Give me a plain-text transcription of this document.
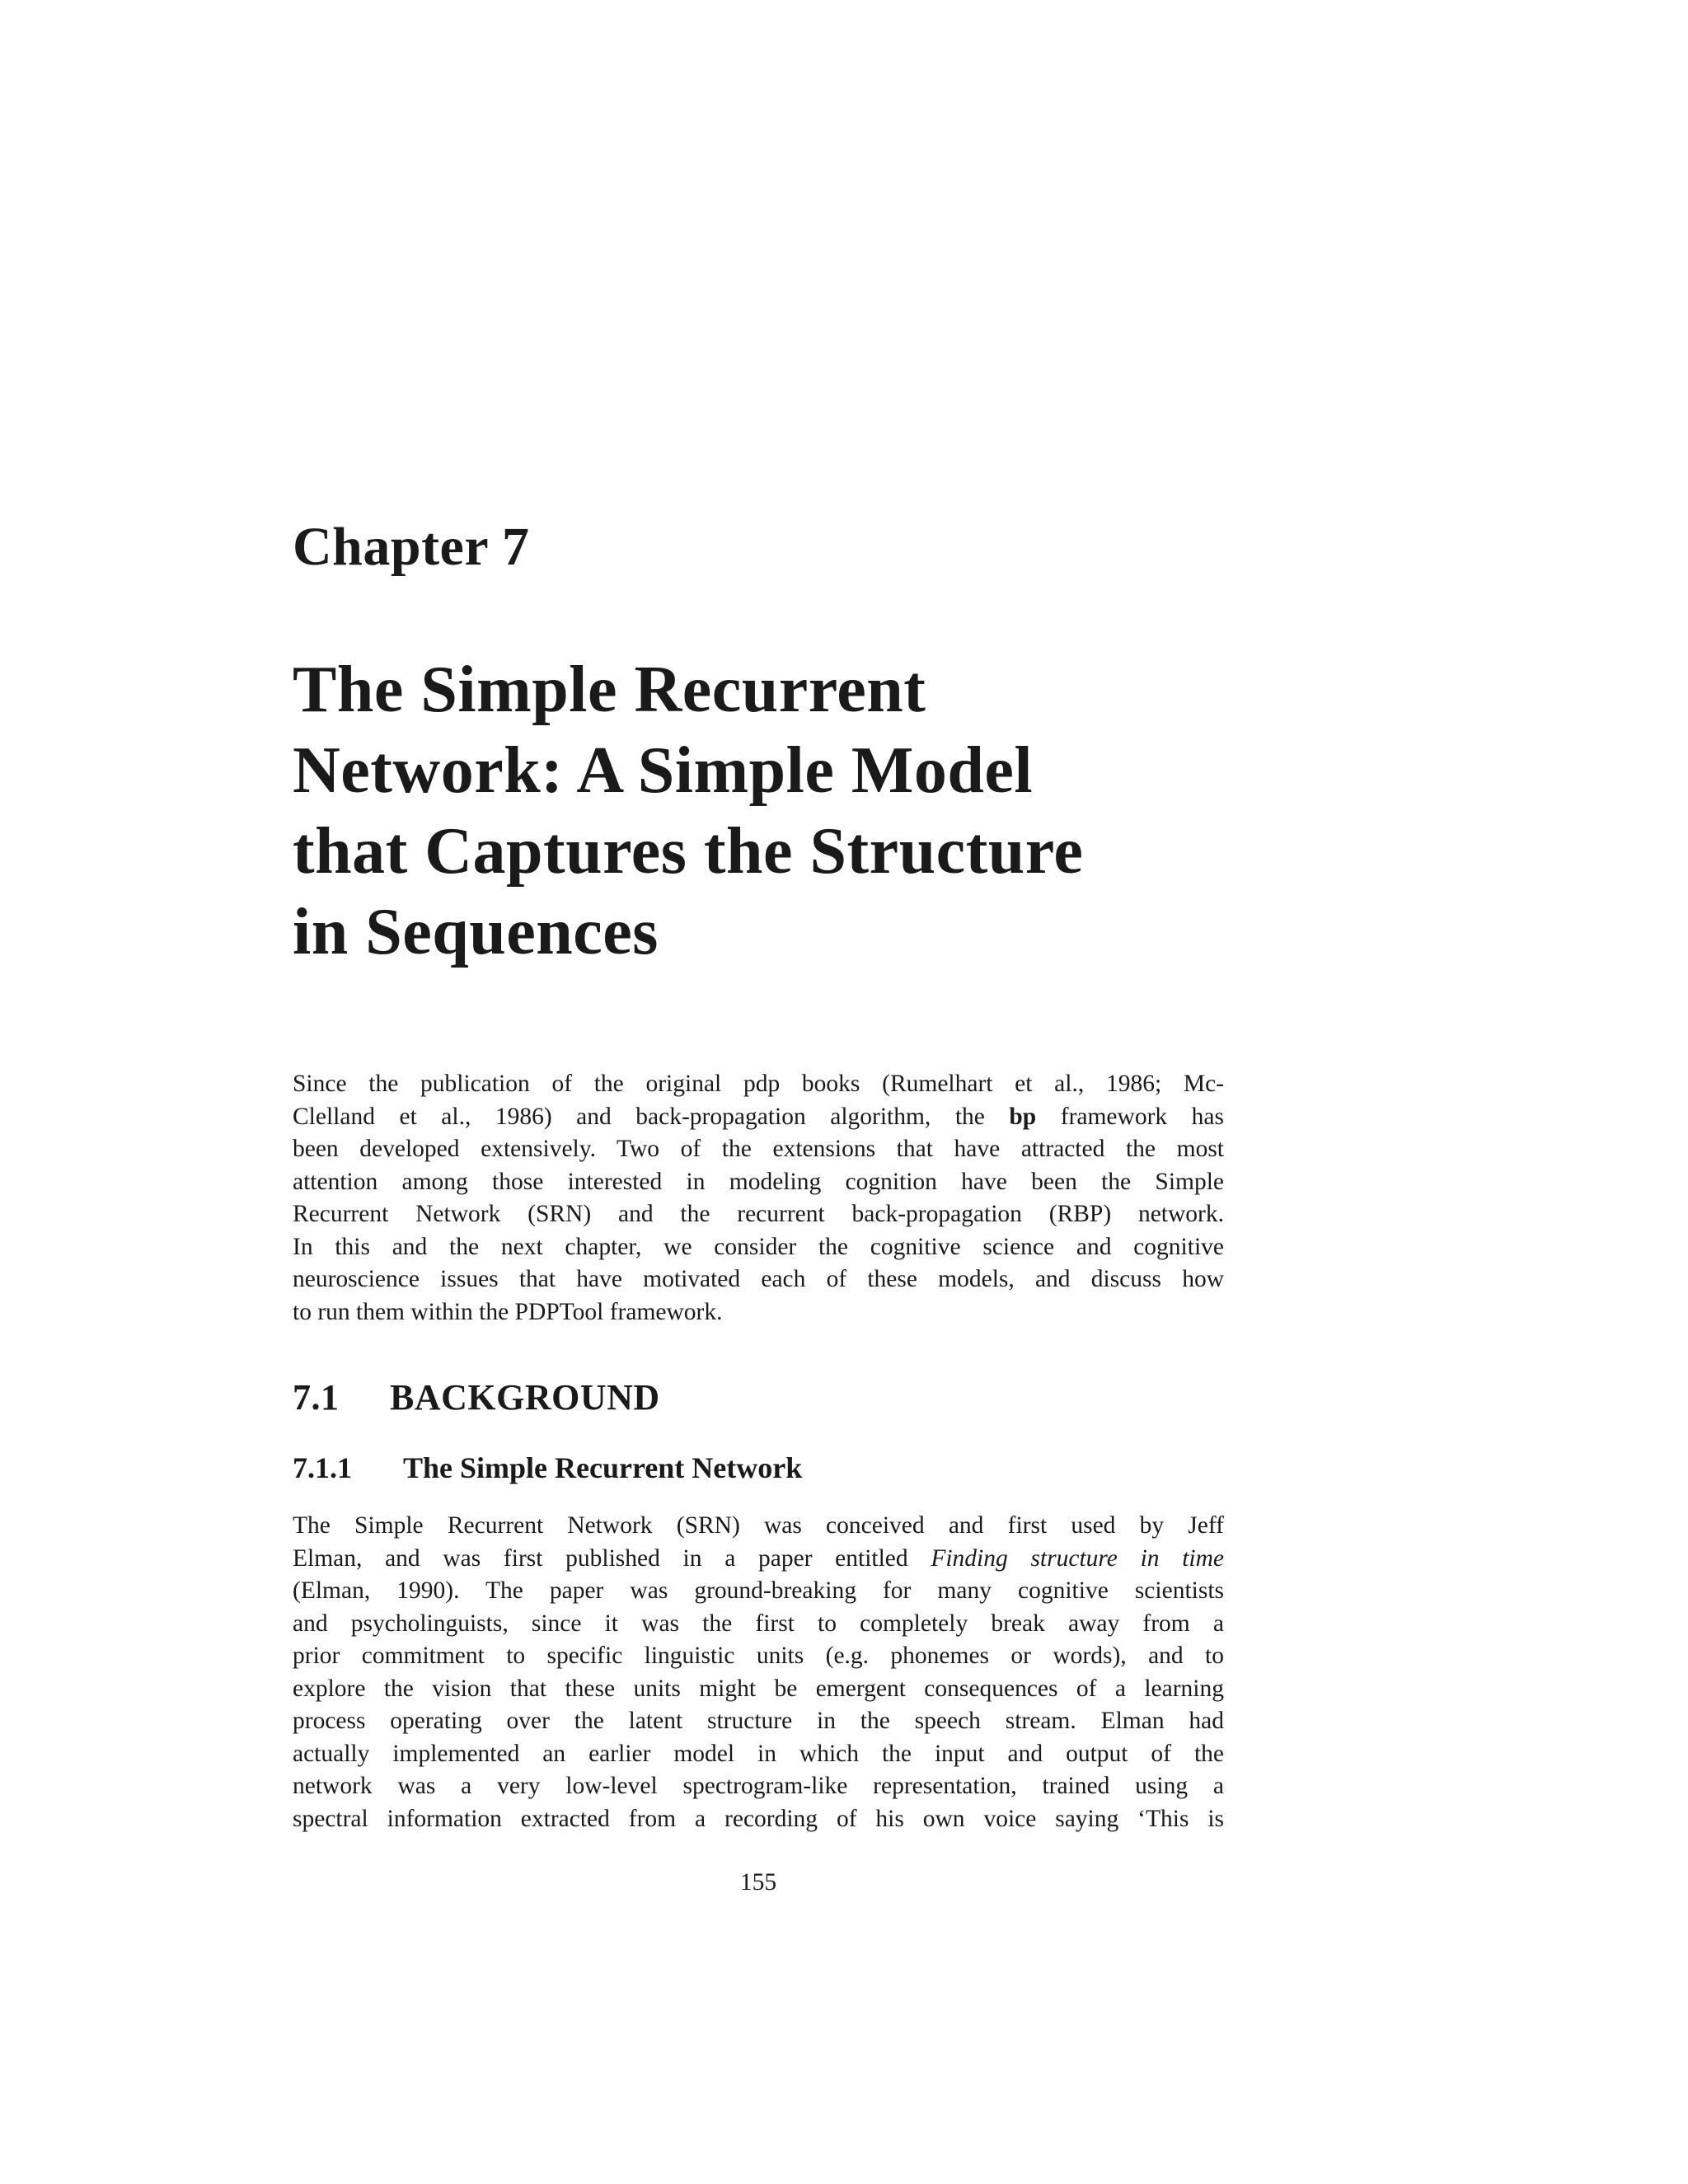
Chapter 7
The Simple Recurrent
Network: A Simple Model
that Captures the Structure
in Sequences
Since the publication of the original pdp books (Rumelhart et al., 1986; Mc-
Clelland et al., 1986) and back-propagation algorithm, the bp framework has
been developed extensively. Two of the extensions that have attracted the most
attention among those interested in modeling cognition have been the Simple
Recurrent Network (SRN) and the recurrent back-propagation (RBP) network.
In this and the next chapter, we consider the cognitive science and cognitive
neuroscience issues that have motivated each of these models, and discuss how
to run them within the PDPTool framework.
7.1 BACKGROUND
7.1.1 The Simple Recurrent Network
The Simple Recurrent Network (SRN) was conceived and first used by Jeff
Elman, and was first published in a paper entitled Finding structure in time
(Elman, 1990). The paper was ground-breaking for many cognitive scientists
and psycholinguists, since it was the first to completely break away from a
prior commitment to specific linguistic units (e.g. phonemes or words), and to
explore the vision that these units might be emergent consequences of a learning
process operating over the latent structure in the speech stream. Elman had
actually implemented an earlier model in which the input and output of the
network was a very low-level spectrogram-like representation, trained using a
spectral information extracted from a recording of his own voice saying ‘This is
155
